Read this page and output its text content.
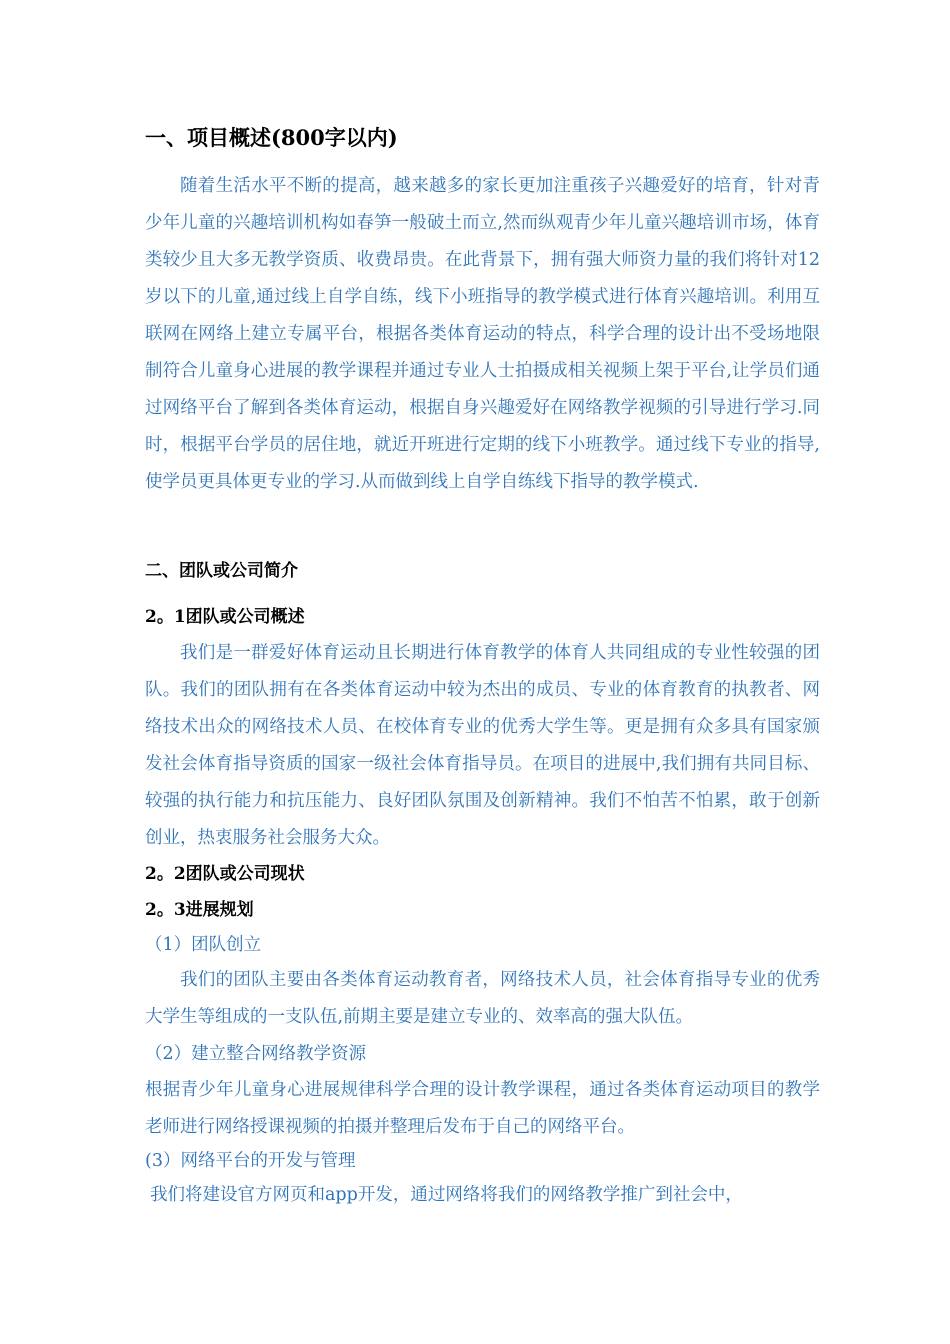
一、项目概述(800字以内)
随着生活水平不断的提高，越来越多的家长更加注重孩子兴趣爱好的培育，针对青少年儿童的兴趣培训机构如春笋一般破土而立,然而纵观青少年儿童兴趣培训市场，体育类较少且大多无教学资质、收费昂贵。在此背景下，拥有强大师资力量的我们将针对12岁以下的儿童,通过线上自学自练，线下小班指导的教学模式进行体育兴趣培训。利用互联网在网络上建立专属平台，根据各类体育运动的特点，科学合理的设计出不受场地限制符合儿童身心进展的教学课程并通过专业人士拍摄成相关视频上架于平台,让学员们通过网络平台了解到各类体育运动，根据自身兴趣爱好在网络教学视频的引导进行学习.同时，根据平台学员的居住地，就近开班进行定期的线下小班教学。通过线下专业的指导,使学员更具体更专业的学习.从而做到线上自学自练线下指导的教学模式.
二、团队或公司简介
2。1团队或公司概述
我们是一群爱好体育运动且长期进行体育教学的体育人共同组成的专业性较强的团队。我们的团队拥有在各类体育运动中较为杰出的成员、专业的体育教育的执教者、网络技术出众的网络技术人员、在校体育专业的优秀大学生等。更是拥有众多具有国家颁发社会体育指导资质的国家一级社会体育指导员。在项目的进展中,我们拥有共同目标、较强的执行能力和抗压能力、良好团队氛围及创新精神。我们不怕苦不怕累，敢于创新创业，热衷服务社会服务大众。
2。2团队或公司现状
2。3进展规划
（1）团队创立
我们的团队主要由各类体育运动教育者，网络技术人员，社会体育指导专业的优秀大学生等组成的一支队伍,前期主要是建立专业的、效率高的强大队伍。
（2）建立整合网络教学资源
根据青少年儿童身心进展规律科学合理的设计教学课程，通过各类体育运动项目的教学老师进行网络授课视频的拍摄并整理后发布于自己的网络平台。
(3）网络平台的开发与管理
我们将建设官方网页和app开发，通过网络将我们的网络教学推广到社会中，
